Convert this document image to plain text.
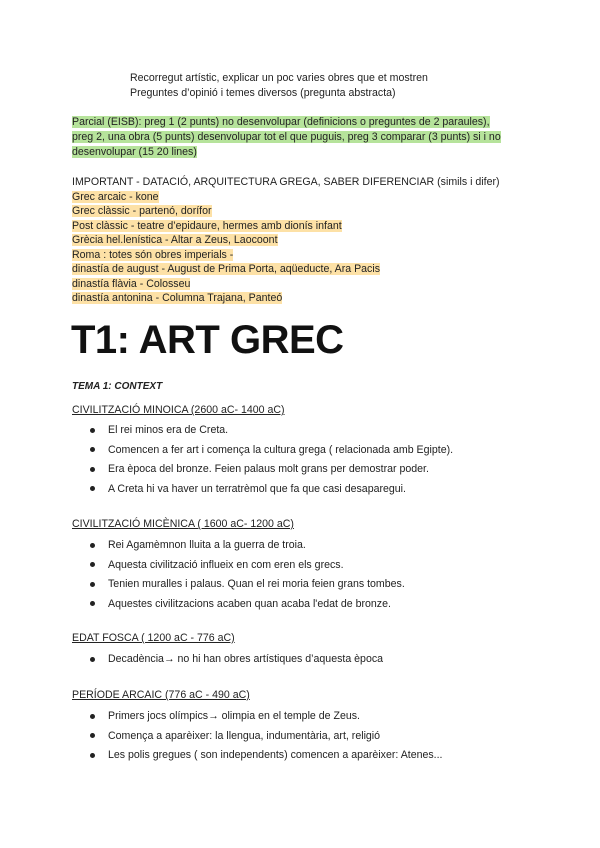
Recorregut artístic, explicar un poc varies obres que et mostren
Preguntes d’opinió i temes diversos (pregunta abstracta)
Parcial (EISB): preg 1 (2 punts) no desenvolupar (definicions o preguntes de 2 paraules),
preg 2, una obra (5 punts) desenvolupar tot el que puguis, preg 3 comparar (3 punts) si i no
desenvolupar (15 20 lines)
IMPORTANT - DATACIÓ, ARQUITECTURA GREGA, SABER DIFERENCIAR (simils i difer)
Grec arcaic - kone
Grec clàssic - partenó, dorífor
Post clàssic - teatre d’epidaure, hermes amb dionís infant
Grècia hel.lenística - Altar a Zeus, Laocoont
Roma : totes són obres imperials -
dinastía de august - August de Prima Porta, aqüeducte, Ara Pacis
dinastía flàvia - Colosseu
dinastía antonina - Columna Trajana, Panteó
T1: ART GREC
TEMA 1: CONTEXT
CIVILITZACIÓ MINOICA (2600 aC- 1400 aC)
El rei minos era de Creta.
Comencen a fer art i comença la cultura grega ( relacionada amb Egipte).
Era època del bronze. Feien palaus molt grans per demostrar poder.
A Creta hi va haver un terratrèmol que fa que casi desaparegui.
CIVILITZACIÓ MICÈNICA ( 1600 aC- 1200 aC)
Rei Agamèmnon lluita a la guerra de troia.
Aquesta civilització influeix en com eren els grecs.
Tenien muralles i palaus. Quan el rei moria feien grans tombes.
Aquestes civilitzacions acaben quan acaba l'edat de bronze.
EDAT FOSCA ( 1200 aC - 776 aC)
Decadència→ no hi han obres artístiques d’aquesta època
PERÍODE ARCAIC (776 aC - 490 aC)
Primers jocs olímpics→ olimpia en el temple de Zeus.
Comença a aparèixer: la llengua, indumentària, art, religió
Les polis gregues ( son independents) comencen a aparèixer: Atenes...
